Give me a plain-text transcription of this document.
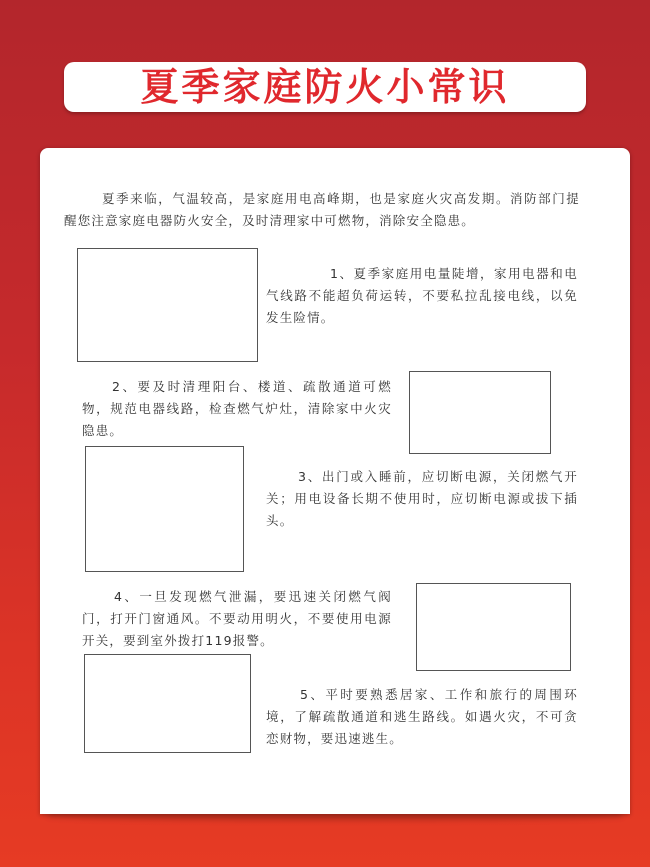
夏季家庭防火小常识

夏季来临，气温较高，是家庭用电高峰期，也是家庭火灾高发期。消防部门提醒您注意家庭电器防火安全，及时清理家中可燃物，消除安全隐患。

1、夏季家庭用电量陡增，家用电器和电气线路不能超负荷运转，不要私拉乱接电线，以免发生险情。

2、要及时清理阳台、楼道、疏散通道可燃物，规范电器线路，检查燃气炉灶，清除家中火灾隐患。

3、出门或入睡前，应切断电源，关闭燃气开关；用电设备长期不使用时，应切断电源或拔下插头。

4、一旦发现燃气泄漏，要迅速关闭燃气阀门，打开门窗通风。不要动用明火，不要使用电源开关，要到室外拨打119报警。

5、平时要熟悉居家、工作和旅行的周围环境，了解疏散通道和逃生路线。如遇火灾，不可贪恋财物，要迅速逃生。
